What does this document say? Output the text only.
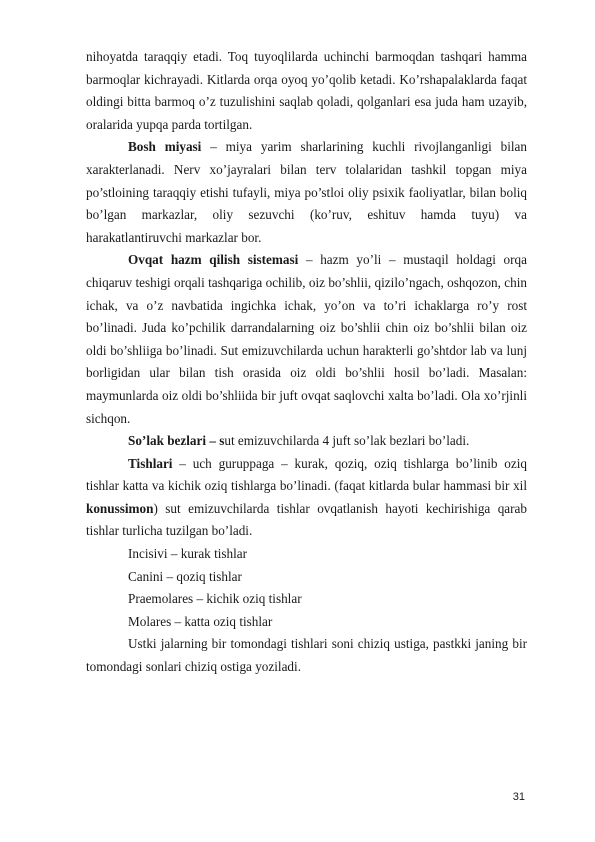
nihoyatda taraqqiy etadi. Toq tuyoqlilarda uchinchi barmoqdan tashqari hamma barmoqlar kichrayadi. Kitlarda orqa oyoq yo’qolib ketadi. Ko’rshapalaklarda faqat oldingi bitta barmoq o’z tuzulishini saqlab qoladi, qolganlari esa juda ham uzayib, oralarida yupqa parda tortilgan.

Bosh miyasi – miya yarim sharlarining kuchli rivojlanganligi bilan xarakterlanadi. Nerv xo’jayralari bilan terv tolalaridan tashkil topgan miya po’stloining taraqqiy etishi tufayli, miya po’stloi oliy psixik faoliyatlar, bilan boliq bo’lgan markazlar, oliy sezuvchi (ko’ruv, eshituv hamda tuyu) va harakatlantiruvchi markazlar bor.

Ovqat hazm qilish sistemasi – hazm yo’li – mustaqil holdagi orqa chiqaruv teshigi orqali tashqariga ochilib, oiz bo’shlii, qizilo’ngach, oshqozon, chin ichak, va o’z navbatida ingichka ichak, yo’on va to’ri ichaklarga ro’y rost bo’linadi. Juda ko’pchilik darrandalarning oiz bo’shlii chin oiz bo’shlii bilan oiz oldi bo’shliiga bo’linadi. Sut emizuvchilarda uchun harakterli go’shtdor lab va lunj borligidan ular bilan tish orasida oiz oldi bo’shlii hosil bo’ladi. Masalan: maymunlarda oiz oldi bo’shliida bir juft ovqat saqlovchi xalta bo’ladi. Ola xo’rjinli sichqon.

So’lak bezlari – sut emizuvchilarda 4 juft so’lak bezlari bo’ladi.

Tishlari – uch guruppaga – kurak, qoziq, oziq tishlarga bo’linib oziq tishlar katta va kichik oziq tishlarga bo’linadi. (faqat kitlarda bular hammasi bir xil konussimon) sut emizuvchilarda tishlar ovqatlanish hayoti kechirishiga qarab tishlar turlicha tuzilgan bo’ladi.

Incisivi – kurak tishlar

Canini – qoziq tishlar

Praemolares – kichik oziq tishlar

Molares – katta oziq tishlar

Ustki jalarning bir tomondagi tishlari soni chiziq ustiga, pastkki janing bir tomondagi sonlari chiziq ostiga yoziladi.

31
